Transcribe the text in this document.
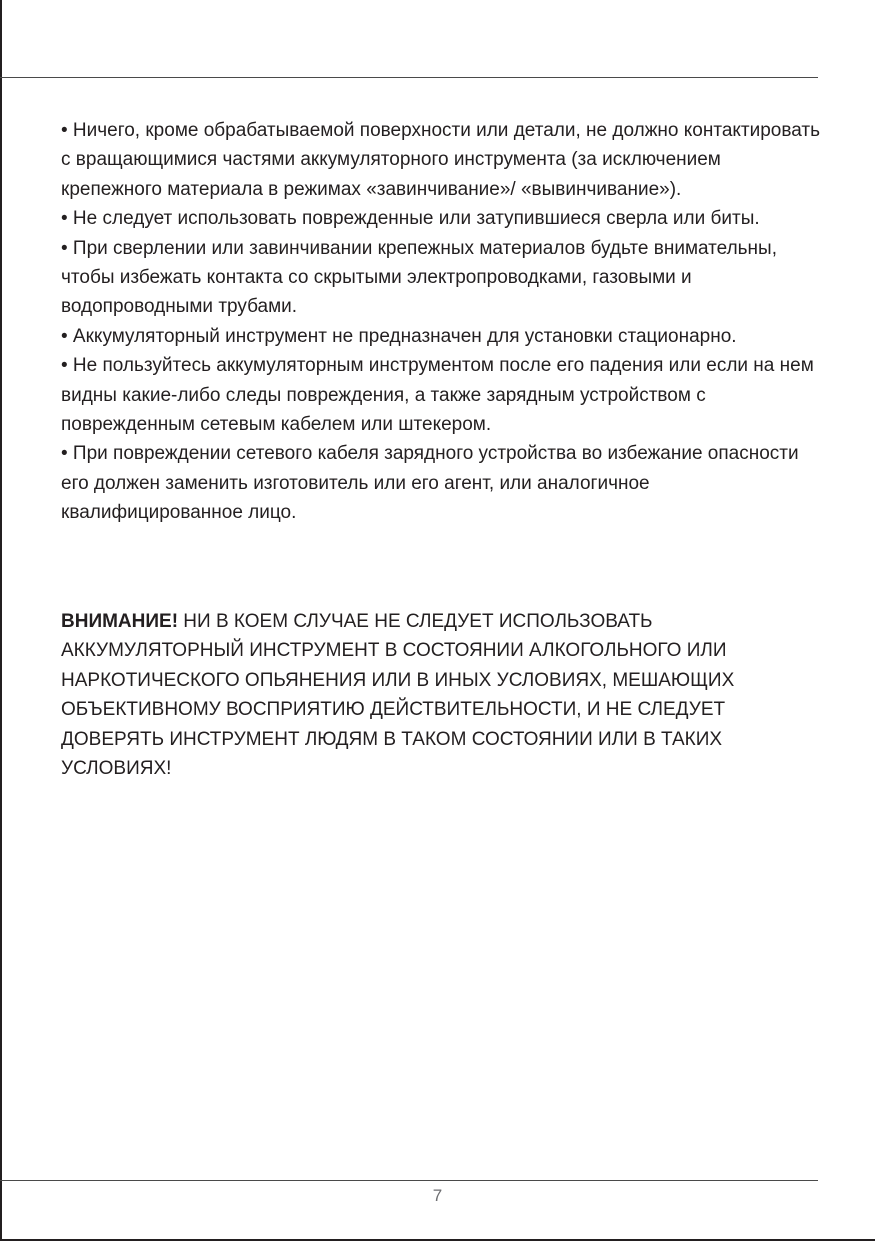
• Ничего, кроме обрабатываемой поверхности или детали, не должно контактировать с вращающимися частями аккумуляторного инструмента (за исключением крепежного материала в режимах «завинчивание»/ «вывинчивание»).

• Не следует использовать поврежденные или затупившиеся сверла или биты.

• При сверлении или завинчивании крепежных материалов будьте внимательны, чтобы избежать контакта со скрытыми электропроводками, газовыми и водопроводными трубами.

• Аккумуляторный инструмент не предназначен для установки стационарно.

• Не пользуйтесь аккумуляторным инструментом после его падения или если на нем видны какие-либо следы повреждения, а также зарядным устройством с поврежденным сетевым кабелем или штекером.

• При повреждении сетевого кабеля зарядного устройства во избежание опасности его должен заменить изготовитель или его агент, или аналогичное квалифицированное лицо.

ВНИМАНИЕ! НИ В КОЕМ СЛУЧАЕ НЕ СЛЕДУЕТ ИСПОЛЬЗОВАТЬ АККУМУЛЯТОРНЫЙ ИНСТРУМЕНТ В СОСТОЯНИИ АЛКОГОЛЬНОГО ИЛИ НАРКОТИЧЕСКОГО ОПЬЯНЕНИЯ ИЛИ В ИНЫХ УСЛОВИЯХ, МЕШАЮЩИХ ОБЪЕКТИВНОМУ ВОСПРИЯТИЮ ДЕЙСТВИТЕЛЬНОСТИ, И НЕ СЛЕДУЕТ ДОВЕРЯТЬ ИНСТРУМЕНТ ЛЮДЯМ В ТАКОМ СОСТОЯНИИ ИЛИ В ТАКИХ УСЛОВИЯХ!
7
